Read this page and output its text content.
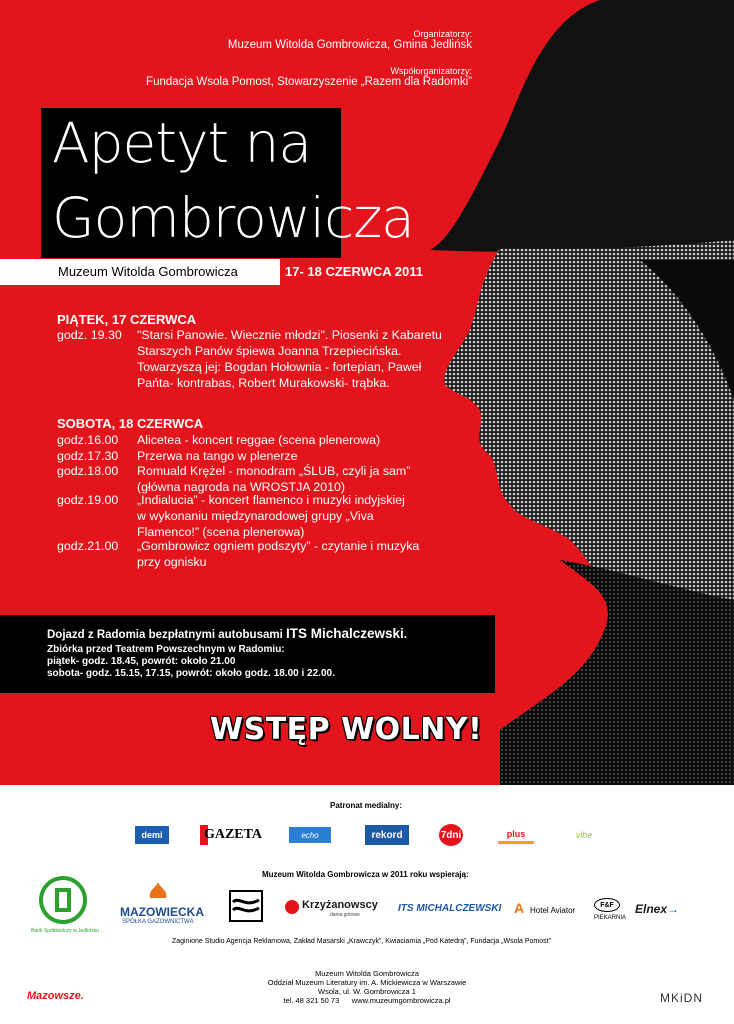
Organizatorzy:
Muzeum Witolda Gombrowicza, Gmina Jedlińsk
Współorganizatorzy:
Fundacja Wsola Pomost, Stowarzyszenie „Razem dla Radomki”
Apetyt na
Gombrowicza
Muzeum Witolda Gombrowicza	17- 18 CZERWCA 2011
PIĄTEK, 17 CZERWCA
godz. 19.30 "Starsi Panowie. Wiecznie młodzi". Piosenki z Kabaretu
Starszych Panów śpiewa Joanna Trzepiecińska.
Towarzyszą jej: Bogdan Hołownia - fortepian, Paweł
Pańta- kontrabas, Robert Murakowski- trąbka.
SOBOTA, 18 CZERWCA
godz.16.00 Alicetea - koncert reggae (scena plenerowa)
godz.17.30 Przerwa na tango w plenerze
godz.18.00 Romuald Krężel - monodram „ŚLUB, czyli ja sam”
(główna nagroda na WROSTJA 2010)
godz.19.00 „Indialucia” - koncert flamenco i muzyki indyjskiej
w wykonaniu międzynarodowej grupy „Viva
Flamenco!” (scena plenerowa)
godz.21.00 „Gombrowicz ogniem podszyty” - czytanie i muzyka
przy ognisku
Dojazd z Radomia bezpłatnymi autobusami ITS Michalczewski.
Zbiórka przed Teatrem Powszechnym w Radomiu:
piątek- godz. 18.45, powrót: około 21.00
sobota- godz. 15.15, 17.15, powrót: około godz. 18.00 i 22.00.
WSTĘP WOLNY!
Patronat medialny:
demi	GAZETA	echo	rekord	7dni	plus	vibe
Muzeum Witolda Gombrowicza w 2011 roku wspierają:
Bank Spółdzielczy w Jedlińsku
MAZOWIECKA
SPÓŁKA GAZOWNICTWA
Krzyżanowscy
dania gotowe
ITS MICHALCZEWSKI A Hotel Aviator
F&F
PIEKARNIA
Elnex→
Zaginione Studio Agencja Reklamowa, Zakład Masarski „Krawczyk”, Kwiaciarnia „Pod Katedrą”, Fundacja „Wsola Pomost”
Muzeum Witolda Gombrowicza
Oddział Muzeum Literatury im. A. Mickiewicza w Warszawie
Wsola, ul. W. Gombrowicza 1
tel. 48 321 50 73 www.muzeumgombrowicza.pl
Mazowsze.	MKiDN
